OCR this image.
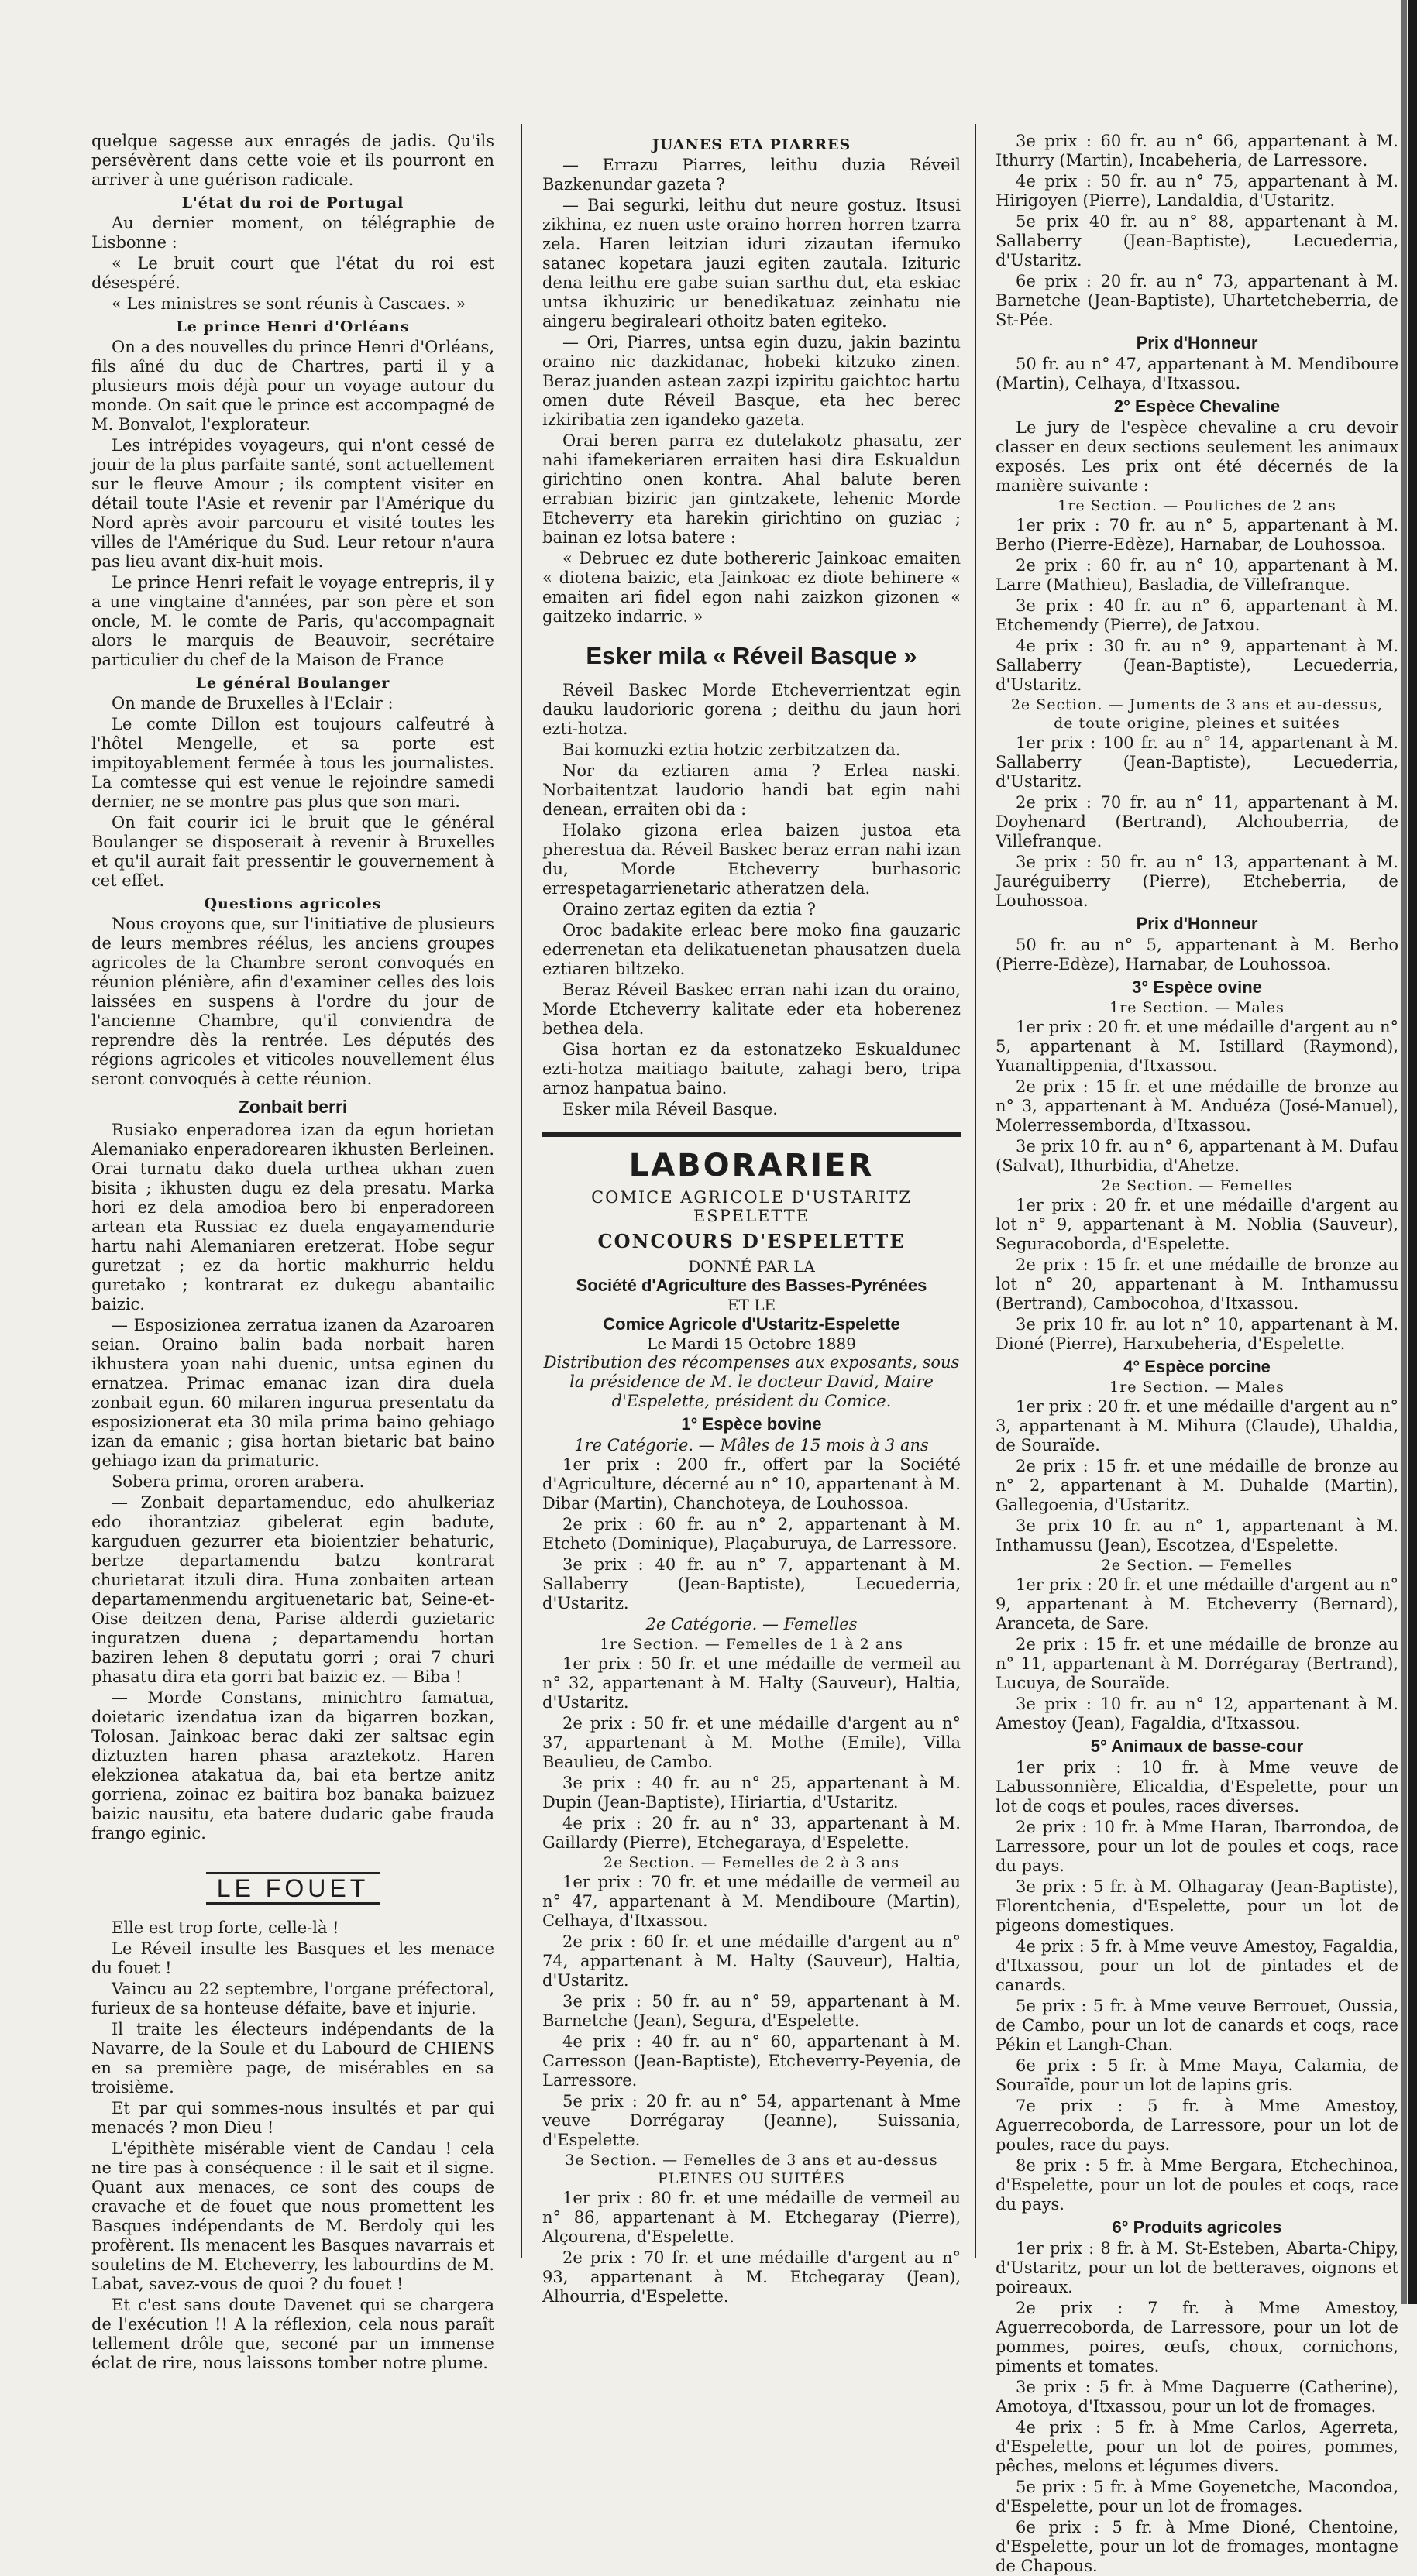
quelque sagesse aux enragés de jadis. Qu'ils persévèrent dans cette voie et ils pourront en arriver à une guérison radicale.

L'état du roi de Portugal

Au dernier moment, on télégraphie de Lisbonne :

« Le bruit court que l'état du roi est désespéré.

« Les ministres se sont réunis à Cascaes. »

Le prince Henri d'Orléans

On a des nouvelles du prince Henri d'Orléans, fils aîné du duc de Chartres, parti il y a plusieurs mois déjà pour un voyage autour du monde. On sait que le prince est accompagné de M. Bonvalot, l'explorateur.

Les intrépides voyageurs, qui n'ont cessé de jouir de la plus parfaite santé, sont actuellement sur le fleuve Amour ; ils comptent visiter en détail toute l'Asie et revenir par l'Amérique du Nord après avoir parcouru et visité toutes les villes de l'Amérique du Sud. Leur retour n'aura pas lieu avant dix-huit mois.

Le prince Henri refait le voyage entrepris, il y a une vingtaine d'années, par son père et son oncle, M. le comte de Paris, qu'accompagnait alors le marquis de Beauvoir, secrétaire particulier du chef de la Maison de France

Le général Boulanger

On mande de Bruxelles à l'Eclair :

Le comte Dillon est toujours calfeutré à l'hôtel Mengelle, et sa porte est impitoyablement fermée à tous les journalistes. La comtesse qui est venue le rejoindre samedi dernier, ne se montre pas plus que son mari.

On fait courir ici le bruit que le général Boulanger se disposerait à revenir à Bruxelles et qu'il aurait fait pressentir le gouvernement à cet effet.

Questions agricoles

Nous croyons que, sur l'initiative de plusieurs de leurs membres réélus, les anciens groupes agricoles de la Chambre seront convoqués en réunion plénière, afin d'examiner celles des lois laissées en suspens à l'ordre du jour de l'ancienne Chambre, qu'il conviendra de reprendre dès la rentrée. Les députés des régions agricoles et viticoles nouvellement élus seront convoqués à cette réunion.

Zonbait berri

Rusiako enperadorea izan da egun horietan Alemaniako enperadorearen ikhusten Berleinen. Orai turnatu dako duela urthea ukhan zuen bisita ; ikhusten dugu ez dela presatu. Marka hori ez dela amodioa bero bi enperadoreen artean eta Russiac ez duela engayamendurie hartu nahi Alemaniaren eretzerat. Hobe segur guretzat ; ez da hortic makhurric heldu guretako ; kontrarat ez dukegu abantailic baizic.

— Esposizionea zerratua izanen da Azaroaren seian. Oraino balin bada norbait haren ikhustera yoan nahi duenic, untsa eginen du ernatzea. Primac emanac izan dira duela zonbait egun. 60 milaren ingurua presentatu da esposizionerat eta 30 mila prima baino gehiago izan da emanic ; gisa hortan bietaric bat baino gehiago izan da primaturic.

Sobera prima, ororen arabera.

— Zonbait departamenduc, edo ahulkeriaz edo ihorantziaz gibelerat egin badute, karguduen gezurrer eta bioientzier behaturic, bertze departamendu batzu kontrarat churietarat itzuli dira. Huna zonbaiten artean departamenmendu argituenetaric bat, Seine-et-Oise deitzen dena, Parise alderdi guzietaric inguratzen duena ; departamendu hortan baziren lehen 8 deputatu gorri ; orai 7 churi phasatu dira eta gorri bat baizic ez. — Biba !

— Morde Constans, minichtro famatua, doietaric izendatua izan da bigarren bozkan, Tolosan. Jainkoac berac daki zer saltsac egin diztuzten haren phasa araztekotz. Haren elekzionea atakatua da, bai eta bertze anitz gorriena, zoinac ez baitira boz banaka baizuez baizic nausitu, eta batere dudaric gabe frauda frango eginic.

LE FOUET

Elle est trop forte, celle-là !

Le Réveil insulte les Basques et les menace du fouet !

Vaincu au 22 septembre, l'organe préfectoral, furieux de sa honteuse défaite, bave et injurie.

Il traite les électeurs indépendants de la Navarre, de la Soule et du Labourd de CHIENS en sa première page, de misérables en sa troisième.

Et par qui sommes-nous insultés et par qui menacés ? mon Dieu !

L'épithète misérable vient de Candau ! cela ne tire pas à conséquence : il le sait et il signe. Quant aux menaces, ce sont des coups de cravache et de fouet que nous promettent les Basques indépendants de M. Berdoly qui les profèrent. Ils menacent les Basques navarrais et souletins de M. Etcheverry, les labourdins de M. Labat, savez-vous de quoi ? du fouet !

Et c'est sans doute Davenet qui se chargera de l'exécution !! A la réflexion, cela nous paraît tellement drôle que, seconé par un immense éclat de rire, nous laissons tomber notre plume.

JUANES ETA PIARRES

— Errazu Piarres, leithu duzia Réveil Bazkenundar gazeta ?

— Bai segurki, leithu dut neure gostuz. Itsusi zikhina, ez nuen uste oraino horren horren tzarra zela. Haren leitzian iduri zizautan ifernuko satanec kopetara jauzi egiten zautala. Izituric dena leithu ere gabe suian sarthu dut, eta eskiac untsa ikhuziric ur benedikatuaz zeinhatu nie aingeru begiraleari othoitz baten egiteko.

— Ori, Piarres, untsa egin duzu, jakin bazintu oraino nic dazkidanac, hobeki kitzuko zinen. Beraz juanden astean zazpi izpiritu gaichtoc hartu omen dute Réveil Basque, eta hec berec izkiribatia zen igandeko gazeta.

Orai beren parra ez dutelakotz phasatu, zer nahi ifamekeriaren erraiten hasi dira Eskualdun girichtino onen kontra. Ahal balute beren errabian biziric jan gintzakete, lehenic Morde Etcheverry eta harekin girichtino on guziac ; bainan ez lotsa batere :

« Debruec ez dute bothereric Jainkoac emaiten « diotena baizic, eta Jainkoac ez diote behinere « emaiten ari fidel egon nahi zaizkon gizonen « gaitzeko indarric. »

Esker mila « Réveil Basque »

Réveil Baskec Morde Etcheverrientzat egin dauku laudorioric gorena ; deithu du jaun hori ezti-hotza.

Bai komuzki eztia hotzic zerbitzatzen da.

Nor da eztiaren ama ? Erlea naski. Norbaitentzat laudorio handi bat egin nahi denean, erraiten obi da :

Holako gizona erlea baizen justoa eta pherestua da. Réveil Baskec beraz erran nahi izan du, Morde Etcheverry burhasoric errespetagarrienetaric atheratzen dela.

Oraino zertaz egiten da eztia ?

Oroc badakite erleac bere moko fina gauzaric ederrenetan eta delikatuenetan phausatzen duela eztiaren biltzeko.

Beraz Réveil Baskec erran nahi izan du oraino, Morde Etcheverry kalitate eder eta hoberenez bethea dela.

Gisa hortan ez da estonatzeko Eskualdunec ezti-hotza maitiago baitute, zahagi bero, tripa arnoz hanpatua baino.

Esker mila Réveil Basque.

LABORARIER
COMICE AGRICOLE D'USTARITZ ESPELETTE
CONCOURS D'ESPELETTE
DONNÉ PAR LA
Société d'Agriculture des Basses-Pyrénées
ET LE
Comice Agricole d'Ustaritz-Espelette
Le Mardi 15 Octobre 1889

Distribution des récompenses aux exposants, sous la présidence de M. le docteur David, Maire d'Espelette, président du Comice.

1° Espèce bovine
1re Catégorie. — Mâles de 15 mois à 3 ans

1er prix : 200 fr., offert par la Société d'Agriculture, décerné au n° 10, appartenant à M. Dibar (Martin), Chanchoteya, de Louhossoa.

2e prix : 60 fr. au n° 2, appartenant à M. Etcheto (Dominique), Plaçaburuya, de Larressore.

3e prix : 40 fr. au n° 7, appartenant à M. Sallaberry (Jean-Baptiste), Lecuederria, d'Ustaritz.

2e Catégorie. — Femelles
1re Section. — Femelles de 1 à 2 ans

1er prix : 50 fr. et une médaille de vermeil au n° 32, appartenant à M. Halty (Sauveur), Haltia, d'Ustaritz.

2e prix : 50 fr. et une médaille d'argent au n° 37, appartenant à M. Mothe (Emile), Villa Beaulieu, de Cambo.

3e prix : 40 fr. au n° 25, appartenant à M. Dupin (Jean-Baptiste), Hiriartia, d'Ustaritz.

4e prix : 20 fr. au n° 33, appartenant à M. Gaillardy (Pierre), Etchegaraya, d'Espelette.

2e Section. — Femelles de 2 à 3 ans

1er prix : 70 fr. et une médaille de vermeil au n° 47, appartenant à M. Mendiboure (Martin), Celhaya, d'Itxassou.

2e prix : 60 fr. et une médaille d'argent au n° 74, appartenant à M. Halty (Sauveur), Haltia, d'Ustaritz.

3e prix : 50 fr. au n° 59, appartenant à M. Barnetche (Jean), Segura, d'Espelette.

4e prix : 40 fr. au n° 60, appartenant à M. Carresson (Jean-Baptiste), Etcheverry-Peyenia, de Larressore.

5e prix : 20 fr. au n° 54, appartenant à Mme veuve Dorrégaray (Jeanne), Suissania, d'Espelette.

3e Section. — Femelles de 3 ans et au-dessus
PLEINES OU SUITÉES

1er prix : 80 fr. et une médaille de vermeil au n° 86, appartenant à M. Etchegaray (Pierre), Alçourena, d'Espelette.

2e prix : 70 fr. et une médaille d'argent au n° 93, appartenant à M. Etchegaray (Jean), Alhourria, d'Espelette.

3e prix : 60 fr. au n° 66, appartenant à M. Ithurry (Martin), Incabeheria, de Larressore.

4e prix : 50 fr. au n° 75, appartenant à M. Hirigoyen (Pierre), Landaldia, d'Ustaritz.

5e prix 40 fr. au n° 88, appartenant à M. Sallaberry (Jean-Baptiste), Lecuederria, d'Ustaritz.

6e prix : 20 fr. au n° 73, appartenant à M. Barnetche (Jean-Baptiste), Uhartetcheberria, de St-Pée.

Prix d'Honneur

50 fr. au n° 47, appartenant à M. Mendiboure (Martin), Celhaya, d'Itxassou.

2° Espèce Chevaline

Le jury de l'espèce chevaline a cru devoir classer en deux sections seulement les animaux exposés. Les prix ont été décernés de la manière suivante :

1re Section. — Pouliches de 2 ans

1er prix : 70 fr. au n° 5, appartenant à M. Berho (Pierre-Edèze), Harnabar, de Louhossoa.

2e prix : 60 fr. au n° 10, appartenant à M. Larre (Mathieu), Basladia, de Villefranque.

3e prix : 40 fr. au n° 6, appartenant à M. Etchemendy (Pierre), de Jatxou.

4e prix : 30 fr. au n° 9, appartenant à M. Sallaberry (Jean-Baptiste), Lecuederria, d'Ustaritz.

2e Section. — Juments de 3 ans et au-dessus,
de toute origine, pleines et suitées

1er prix : 100 fr. au n° 14, appartenant à M. Sallaberry (Jean-Baptiste), Lecuederria, d'Ustaritz.

2e prix : 70 fr. au n° 11, appartenant à M. Doyhenard (Bertrand), Alchouberria, de Villefranque.

3e prix : 50 fr. au n° 13, appartenant à M. Jauréguiberry (Pierre), Etcheberria, de Louhossoa.

Prix d'Honneur

50 fr. au n° 5, appartenant à M. Berho (Pierre-Edèze), Harnabar, de Louhossoa.

3° Espèce ovine
1re Section. — Males

1er prix : 20 fr. et une médaille d'argent au n° 5, appartenant à M. Istillard (Raymond), Yuanaltippenia, d'Itxassou.

2e prix : 15 fr. et une médaille de bronze au n° 3, appartenant à M. Anduéza (José-Manuel), Molerressemborda, d'Itxassou.

3e prix 10 fr. au n° 6, appartenant à M. Dufau (Salvat), Ithurbidia, d'Ahetze.

2e Section. — Femelles

1er prix : 20 fr. et une médaille d'argent au lot n° 9, appartenant à M. Noblia (Sauveur), Seguracoborda, d'Espelette.

2e prix : 15 fr. et une médaille de bronze au lot n° 20, appartenant à M. Inthamussu (Bertrand), Cambocohoa, d'Itxassou.

3e prix 10 fr. au lot n° 10, appartenant à M. Dioné (Pierre), Harxubeheria, d'Espelette.

4° Espèce porcine
1re Section. — Males

1er prix : 20 fr. et une médaille d'argent au n° 3, appartenant à M. Mihura (Claude), Uhaldia, de Souraïde.

2e prix : 15 fr. et une médaille de bronze au n° 2, appartenant à M. Duhalde (Martin), Gallegoenia, d'Ustaritz.

3e prix 10 fr. au n° 1, appartenant à M. Inthamussu (Jean), Escotzea, d'Espelette.

2e Section. — Femelles

1er prix : 20 fr. et une médaille d'argent au n° 9, appartenant à M. Etcheverry (Bernard), Aranceta, de Sare.

2e prix : 15 fr. et une médaille de bronze au n° 11, appartenant à M. Dorrégaray (Bertrand), Lucuya, de Souraïde.

3e prix : 10 fr. au n° 12, appartenant à M. Amestoy (Jean), Fagaldia, d'Itxassou.

5° Animaux de basse-cour

1er prix : 10 fr. à Mme veuve de Labussonnière, Elicaldia, d'Espelette, pour un lot de coqs et poules, races diverses.

2e prix : 10 fr. à Mme Haran, Ibarrondoa, de Larressore, pour un lot de poules et coqs, race du pays.

3e prix : 5 fr. à M. Olhagaray (Jean-Baptiste), Florentchenia, d'Espelette, pour un lot de pigeons domestiques.

4e prix : 5 fr. à Mme veuve Amestoy, Fagaldia, d'Itxassou, pour un lot de pintades et de canards.

5e prix : 5 fr. à Mme veuve Berrouet, Oussia, de Cambo, pour un lot de canards et coqs, race Pékin et Langh-Chan.

6e prix : 5 fr. à Mme Maya, Calamia, de Souraïde, pour un lot de lapins gris.

7e prix : 5 fr. à Mme Amestoy, Aguerrecoborda, de Larressore, pour un lot de poules, race du pays.

8e prix : 5 fr. à Mme Bergara, Etchechinoa, d'Espelette, pour un lot de poules et coqs, race du pays.

6° Produits agricoles

1er prix : 8 fr. à M. St-Esteben, Abarta-Chipy, d'Ustaritz, pour un lot de betteraves, oignons et poireaux.

2e prix : 7 fr. à Mme Amestoy, Aguerrecoborda, de Larressore, pour un lot de pommes, poires, œufs, choux, cornichons, piments et tomates.

3e prix : 5 fr. à Mme Daguerre (Catherine), Amotoya, d'Itxassou, pour un lot de fromages.

4e prix : 5 fr. à Mme Carlos, Agerreta, d'Espelette, pour un lot de poires, pommes, pêches, melons et légumes divers.

5e prix : 5 fr. à Mme Goyenetche, Macondoa, d'Espelette, pour un lot de fromages.

6e prix : 5 fr. à Mme Dioné, Chentoine, d'Espelette, pour un lot de fromages, montagne de Chapous.
